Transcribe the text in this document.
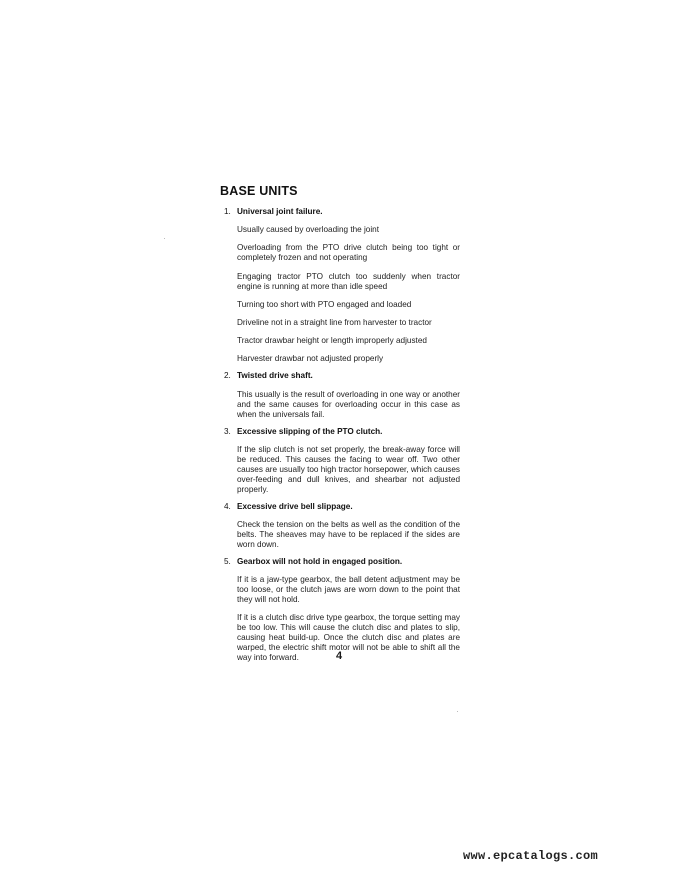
BASE UNITS
1. Universal joint failure.

Usually caused by overloading the joint

Overloading from the PTO drive clutch being too tight or completely frozen and not operating

Engaging tractor PTO clutch too suddenly when tractor engine is running at more than idle speed

Turning too short with PTO engaged and loaded

Driveline not in a straight line from harvester to tractor

Tractor drawbar height or length improperly adjusted

Harvester drawbar not adjusted properly

2. Twisted drive shaft.

This usually is the result of overloading in one way or another and the same causes for overloading occur in this case as when the universals fail.

3. Excessive slipping of the PTO clutch.

If the slip clutch is not set properly, the break-away force will be reduced. This causes the facing to wear off. Two other causes are usually too high tractor horsepower, which causes over-feeding and dull knives, and shearbar not adjusted properly.

4. Excessive drive bell slippage.

Check the tension on the belts as well as the condition of the belts. The sheaves may have to be replaced if the sides are worn down.

5. Gearbox will not hold in engaged position.

If it is a jaw-type gearbox, the ball detent adjustment may be too loose, or the clutch jaws are worn down to the point that they will not hold.

If it is a clutch disc drive type gearbox, the torque setting may be too low. This will cause the clutch disc and plates to slip, causing heat build-up. Once the clutch disc and plates are warped, the electric shift motor will not be able to shift all the way into forward.	4
www.epcatalogs.com
